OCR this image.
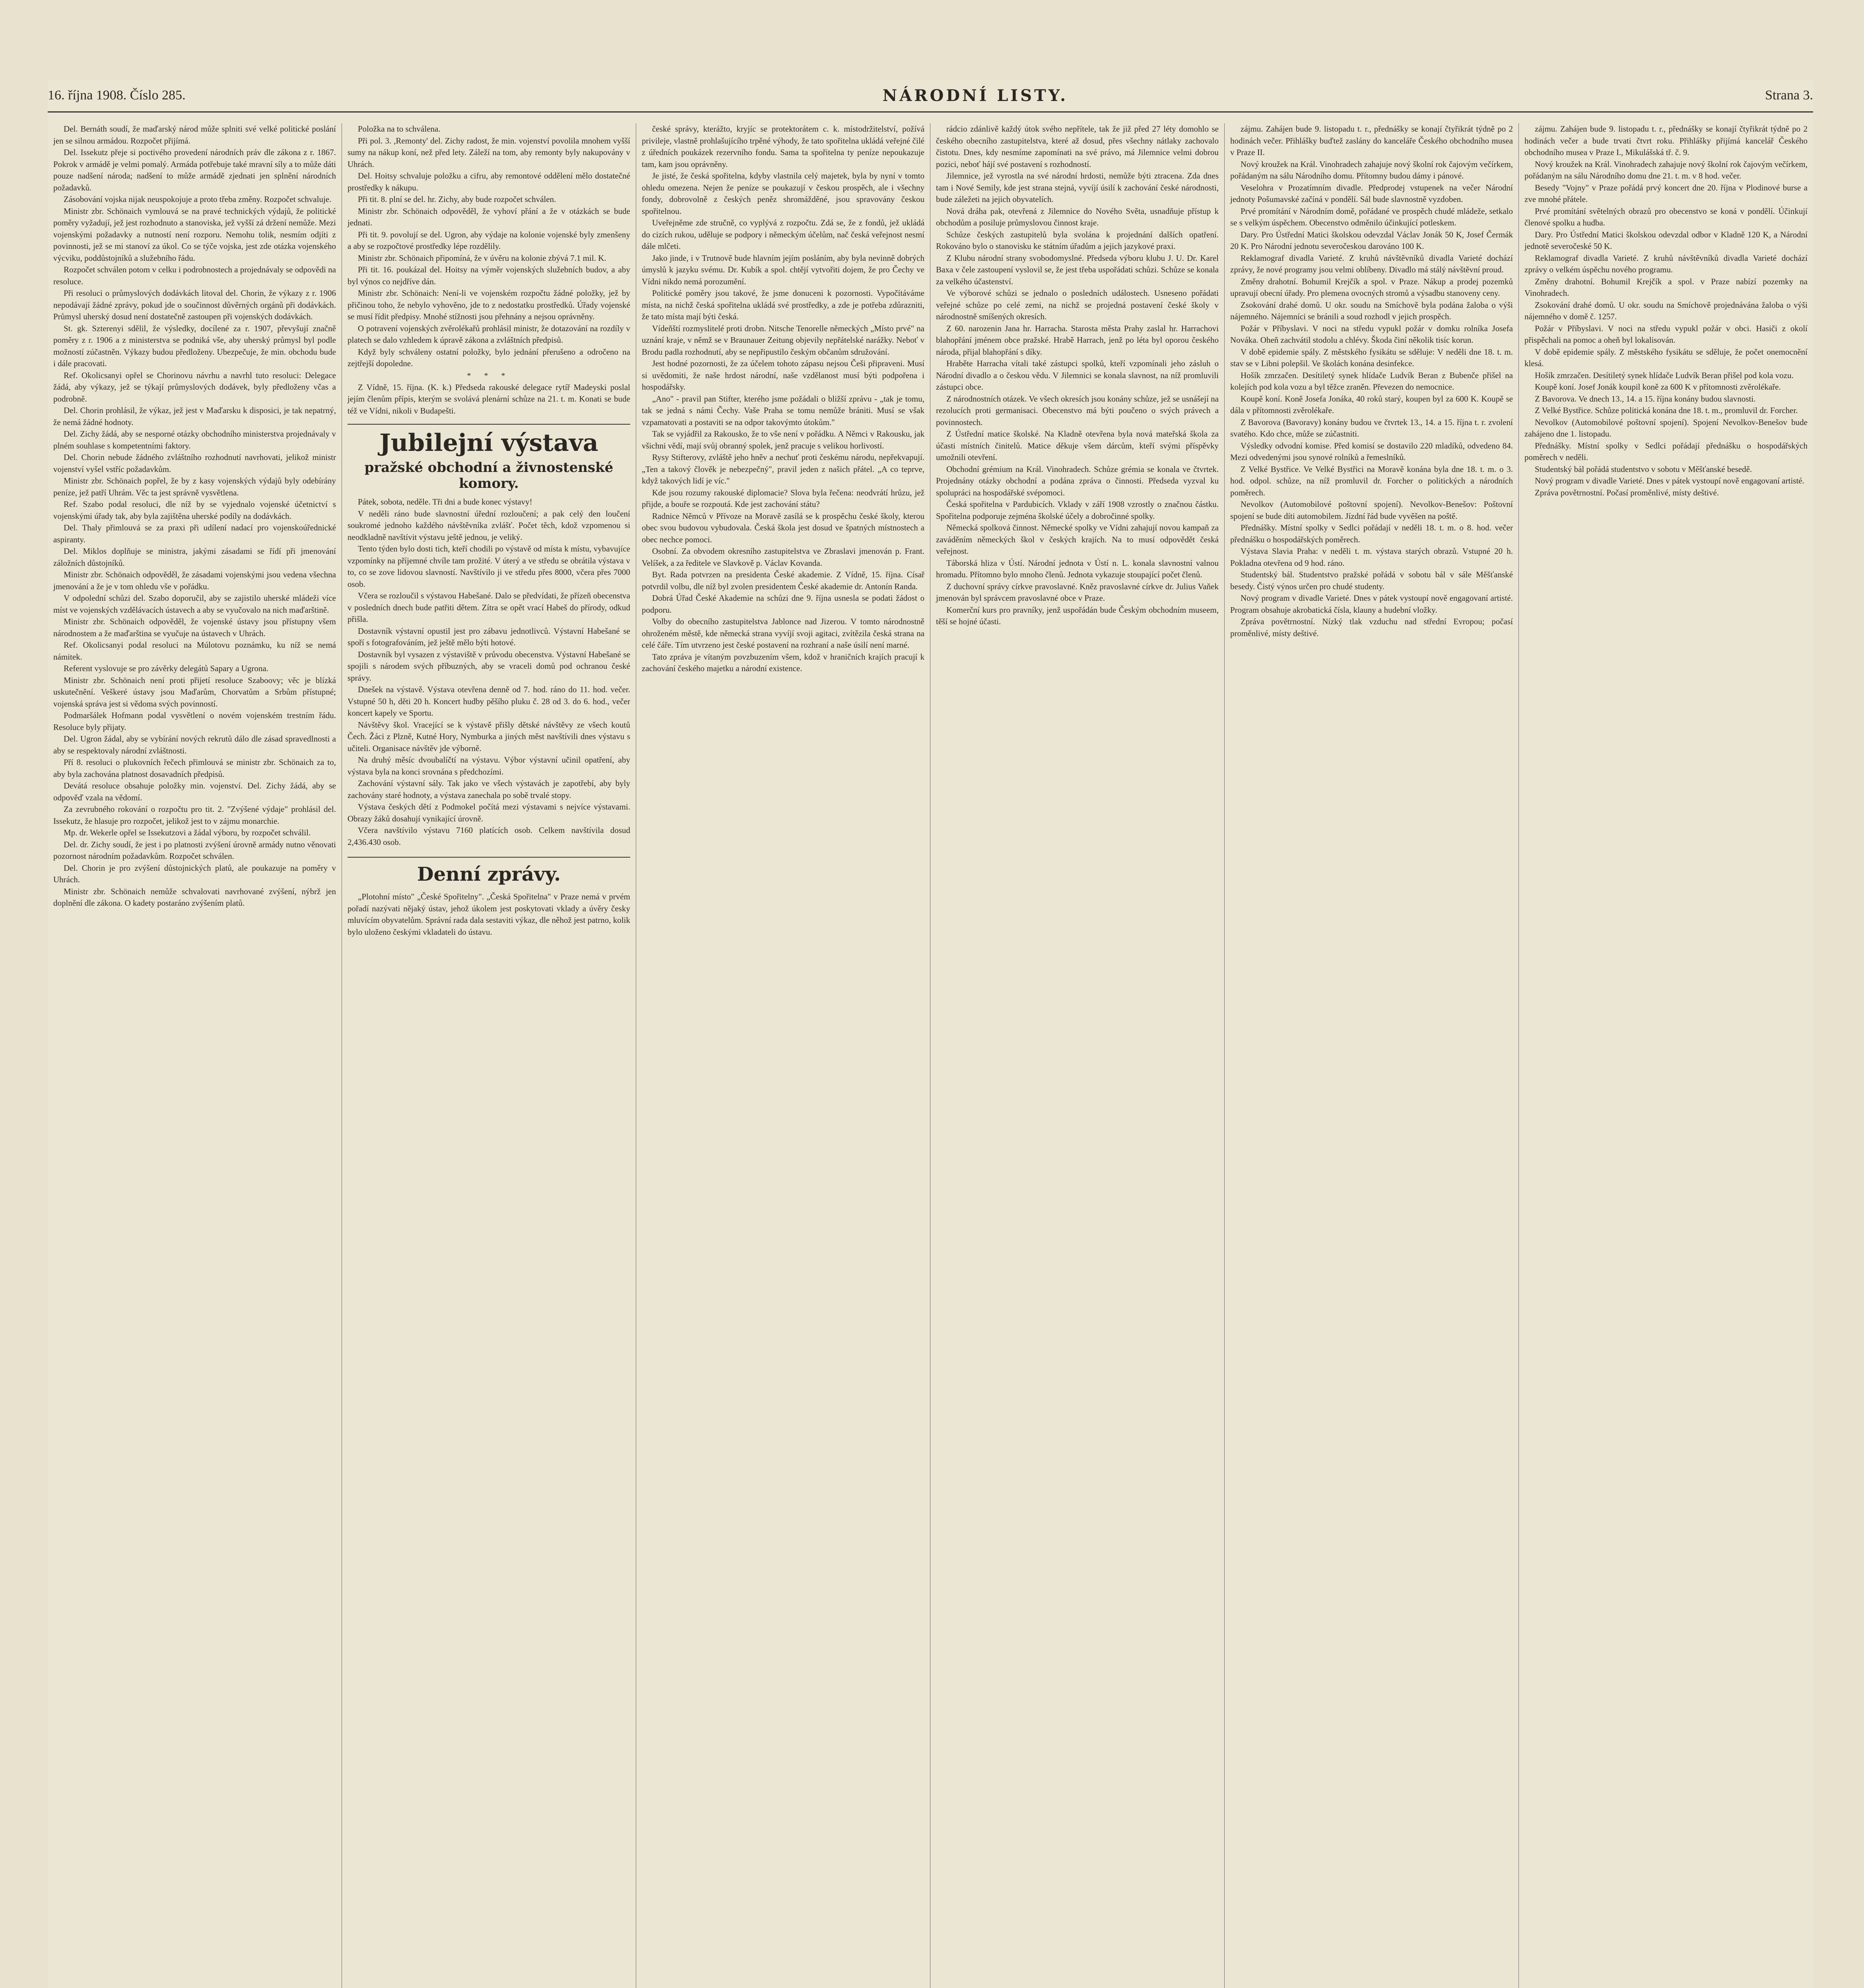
16. října 1908. Číslo 285.	NÁRODNÍ LISTY.	Strana 3.

Del. Bernáth soudí, že maďarský národ může splniti své velké politické poslání jen se silnou armádou. Rozpočet přijímá.

Del. Issekutz přeje si poctivého provedení národních práv dle zákona z r. 1867. Pokrok v armádě je velmi pomalý. Armáda potřebuje také mravní síly a to může dáti pouze nadšení národa; nadšení to může armádě zjednati jen splnění národních požadavků.

Zásobování vojska nijak neuspokojuje a proto třeba změny. Rozpočet schvaluje.

Ministr zbr. Schönaich vymlouvá se na pravé technických výdajů, že politické poměry vyžadují, jež jest rozhodnuto a stanoviska, jež vyšší zá držení nemůže. Mezi vojenskými požadavky a nutností není rozporu. Nemohu tolik, nesmím odjíti z povinnosti, jež se mi stanoví za úkol. Co se týče vojska, jest zde otázka vojenského výcviku, poddůstojníků a služebního řádu.

Rozpočet schválen potom v celku i podrobnostech a projednávaly se odpovědi na resoluce.

Při resoluci o průmyslových dodávkách litoval del. Chorin, že výkazy z r. 1906 nepodávají žádné zprávy, pokud jde o součinnost důvěrných orgánů při dodávkách. Průmysl uherský dosud není dostatečně zastoupen při vojenských dodávkách.

St. gk. Szterenyi sdělil, že výsledky, docílené za r. 1907, převyšují značně poměry z r. 1906 a z ministerstva se podniká vše, aby uherský průmysl byl podle možností zúčastněn. Výkazy budou předloženy. Ubezpečuje, že min. obchodu bude i dále pracovati.

Ref. Okolicsanyi opřel se Chorinovu návrhu a navrhl tuto resoluci: Delegace žádá, aby výkazy, jež se týkají průmyslových dodávek, byly předloženy včas a podrobně.

Del. Chorin prohlásil, že výkaz, jež jest v Maďarsku k disposici, je tak nepatrný, že nemá žádné hodnoty.

Del. Zichy žádá, aby se nesporné otázky obchodního ministerstva projednávaly v plném souhlase s kompetentními faktory.

Del. Chorin nebude žádného zvláštního rozhodnutí navrhovati, jelikož ministr vojenství vyšel vstříc požadavkům.

Ministr zbr. Schönaich popřel, že by z kasy vojenských výdajů byly odebírány peníze, jež patří Uhrám. Věc ta jest správně vysvětlena.

Ref. Szabo podal resoluci, dle níž by se vyjednalo vojenské účetnictví s vojenskými úřady tak, aby byla zajištěna uherské podíly na dodávkách.

Del. Thaly přimlouvá se za praxi při udílení nadací pro vojenskoúřednické aspiranty.

Del. Miklos doplňuje se ministra, jakými zásadami se řídí při jmenování záložních důstojníků.

Ministr zbr. Schönaich odpověděl, že zásadami vojenskými jsou vedena všechna jmenování a že je v tom ohledu vše v pořádku.

V odpolední schůzi del. Szabo doporučil, aby se zajistilo uherské mládeži více míst ve vojenských vzdělávacích ústavech a aby se vyučovalo na nich maďarštině.

Ministr zbr. Schönaich odpověděl, že vojenské ústavy jsou přístupny všem národnostem a že maďarština se vyučuje na ústavech v Uhrách.

Ref. Okolicsanyi podal resoluci na Múlotovu poznámku, ku níž se nemá námitek.

Referent vyslovuje se pro závěrky delegátů Sapary a Ugrona.

Ministr zbr. Schönaich není proti přijetí resoluce Szaboovy; věc je blízká uskutečnění. Veškeré ústavy jsou Maďarům, Chorvatům a Srbům přístupné; vojenská správa jest si vědoma svých povinností.

Podmaršálek Hofmann podal vysvětlení o novém vojenském trestním řádu. Resoluce byly přijaty.

Del. Ugron žádal, aby se vybírání nových rekrutů dálo dle zásad spravedlnosti a aby se respektovaly národní zvláštnosti.

Pří 8. resoluci o plukovních řečech přimlouvá se ministr zbr. Schönaich za to, aby byla zachována platnost dosavadních předpisů.

Devátá resoluce obsahuje položky min. vojenství. Del. Zichy žádá, aby se odpověď vzala na vědomí.

Za zevrubného rokování o rozpočtu pro tit. 2. "Zvýšené výdaje" prohlásil del. Issekutz, že hlasuje pro rozpočet, jelikož jest to v zájmu monarchie.

Mp. dr. Wekerle opřel se Issekutzovi a žádal výboru, by rozpočet schválil.

Del. dr. Zichy soudí, že jest i po platnosti zvýšení úrovně armády nutno věnovati pozornost národním požadavkům. Rozpočet schválen.

Del. Chorin je pro zvýšení důstojnických platů, ale poukazuje na poměry v Uhrách.

Ministr zbr. Schönaich nemůže schvalovati navrhované zvýšení, nýbrž jen doplnění dle zákona. O kadety postaráno zvýšením platů.

Položka na to schválena.

Při pol. 3. ,Remonty' del. Zichy radost, že min. vojenství povolila mnohem vyšší sumy na nákup koní, než před lety. Záleží na tom, aby remonty byly nakupovány v Uhrách.

Del. Hoitsy schvaluje položku a cifru, aby remontové oddělení mělo dostatečné prostředky k nákupu.

Při tit. 8. plní se del. hr. Zichy, aby bude rozpočet schválen.

Ministr zbr. Schönaich odpověděl, že vyhoví přání a že v otázkách se bude jednati.

Při tit. 9. povolují se del. Ugron, aby výdaje na kolonie vojenské byly zmenšeny a aby se rozpočtové prostředky lépe rozdělily.

Ministr zbr. Schönaich připomíná, že v úvěru na kolonie zbývá 7.1 mil. K.

Při tit. 16. poukázal del. Hoitsy na výměr vojenských služebních budov, a aby byl výnos co nejdříve dán.

Ministr zbr. Schönaich: Není-li ve vojenském rozpočtu žádné položky, jež by přičinou toho, že nebylo vyhověno, jde to z nedostatku prostředků. Úřady vojenské se musí řídit předpisy. Mnohé stížnosti jsou přehnány a nejsou oprávněny.

O potravení vojenských zvěrolékařů prohlásil ministr, že dotazování na rozdíly v platech se dalo vzhledem k úpravě zákona a zvláštních předpisů.

Když byly schváleny ostatní položky, bylo jednání přerušeno a odročeno na zejtřejší dopoledne.

* * *

Z Vídně, 15. října. (K. k.) Předseda rakouské delegace rytíř Madeyski poslal jejím členům přípis, kterým se svolává plenární schůze na 21. t. m. Konati se bude též ve Vídni, nikoli v Budapešti.

Jubilejní výstava
pražské obchodní a živnostenské komory.

Pátek, sobota, neděle. Tři dni a bude konec výstavy!

V neděli ráno bude slavnostní úřední rozloučení; a pak celý den loučení soukromé jednoho každého návštěvníka zvlášť. Počet těch, kdož vzpomenou si neodkladně navštívit výstavu ještě jednou, je veliký.

Tento týden bylo dosti tich, kteří chodili po výstavě od místa k místu, vybavujíce vzpomínky na příjemné chvíle tam prožité. V úterý a ve středu se obrátila výstava v to, co se zove lidovou slavností. Navštívilo ji ve středu přes 8000, včera přes 7000 osob.

Včera se rozloučil s výstavou Habešané. Dalo se předvídati, že přízeň obecenstva v posledních dnech bude patřiti dětem. Zítra se opět vrací Habeš do přírody, odkud přišla.

Dostavník výstavní opustil jest pro zábavu jednotlivců. Výstavní Habešané se spoří s fotografováním, jež ještě mělo býti hotové.

Dostavník byl vysazen z výstaviště v průvodu obecenstva. Výstavní Habešané se spojili s národem svých příbuzných, aby se vraceli domů pod ochranou české správy.

Dnešek na výstavě. Výstava otevřena denně od 7. hod. ráno do 11. hod. večer. Vstupné 50 h, děti 20 h. Koncert hudby pěšího pluku č. 28 od 3. do 6. hod., večer koncert kapely ve Sportu.

Návštěvy škol. Vracející se k výstavě přišly dětské návštěvy ze všech koutů Čech. Žáci z Plzně, Kutné Hory, Nymburka a jiných měst navštívili dnes výstavu s učiteli. Organisace návštěv jde výborně.

Na druhý měsíc dvoubalíčtí na výstavu. Výbor výstavní učinil opatření, aby výstava byla na konci srovnána s předchozími.

Zachování výstavní sály. Tak jako ve všech výstavách je zapotřebí, aby byly zachovány staré hodnoty, a výstava zanechala po sobě trvalé stopy.

Výstava českých dětí z Podmokel počítá mezi výstavami s nejvíce výstavami. Obrazy žáků dosahují vynikající úrovně.

Včera navštívilo výstavu 7160 platících osob. Celkem navštívila dosud 2,436.430 osob.

Denní zprávy.

„Plotohní místo" „České Spořitelny". „Česká Spořitelna" v Praze nemá v prvém pořadí nazývati nějaký ústav, jehož úkolem jest poskytovati vklady a úvěry česky mluvícím obyvatelům. Správní rada dala sestaviti výkaz, dle něhož jest patrno, kolik bylo uloženo českými vkladateli do ústavu.

české správy, kterážto, kryjíc se protektorátem c. k. místodržitelství, požívá privileje, vlastně prohlašujícího trpěné výhody, že tato spořitelna ukládá veřejné čilé z úředních poukázek rezervního fondu. Sama ta spořitelna ty peníze nepoukazuje tam, kam jsou oprávněny.

Je jisté, že česká spořitelna, kdyby vlastnila celý majetek, byla by nyní v tomto ohledu omezena. Nejen že peníze se poukazují v českou prospěch, ale i všechny fondy, dobrovolně z českých peněz shromážděné, jsou spravovány českou spořitelnou.

Uveřejněme zde stručně, co vyplývá z rozpočtu. Zdá se, že z fondů, jež ukládá do cizích rukou, uděluje se podpory i německým účelům, nač česká veřejnost nesmí dále mlčeti.

Jako jinde, i v Trutnově bude hlavním jejím posláním, aby byla nevinně dobrých úmyslů k jazyku svému. Dr. Kubík a spol. chtějí vytvořiti dojem, že pro Čechy ve Vídni nikdo nemá porozumění.

Politické poměry jsou takové, že jsme donuceni k pozornosti. Vypočítáváme místa, na nichž česká spořitelna ukládá své prostředky, a zde je potřeba zdůrazniti, že tato místa mají býti česká.

Vídeňští rozmyslitelé proti drobn. Nitsche Tenorelle německých „Místo prvé" na uznání kraje, v němž se v Braunauer Zeitung objevily nepřátelské narážky. Neboť v Brodu padla rozhodnutí, aby se nepřipustilo českým občanům sdružování.

Jest hodné pozornosti, že za účelem tohoto zápasu nejsou Češi připraveni. Musí si uvědomiti, že naše hrdost národní, naše vzdělanost musí býti podpořena i hospodářsky.

„Ano" - pravil pan Stifter, kterého jsme požádali o bližší zprávu - „tak je tomu, tak se jedná s námi Čechy. Vaše Praha se tomu nemůže brániti. Musí se však vzpamatovati a postaviti se na odpor takovýmto útokům."

Tak se vyjádřil za Rakousko, že to vše není v pořádku. A Němci v Rakousku, jak všichni vědí, mají svůj obranný spolek, jenž pracuje s velikou horlivostí.

Rysy Stifterovy, zvláště jeho hněv a nechuť proti českému národu, nepřekvapují. „Ten a takový člověk je nebezpečný", pravil jeden z našich přátel. „A co teprve, když takových lidí je víc."

Kde jsou rozumy rakouské diplomacie? Slova byla řečena: neodvrátí hrůzu, jež přijde, a bouře se rozpoutá. Kde jest zachování státu?

Radnice Němců v Přívoze na Moravě zasílá se k prospěchu české školy, kterou obec svou budovou vybudovala. Česká škola jest dosud ve špatných místnostech a obec nechce pomoci.

Osobní. Za obvodem okresního zastupitelstva ve Zbraslavi jmenován p. Frant. Velíšek, a za ředitele ve Slavkově p. Václav Kovanda.

Byt. Rada potvrzen na presidenta České akademie. Z Vídně, 15. října. Císař potvrdil volbu, dle níž byl zvolen presidentem České akademie dr. Antonín Randa.

Dobrá Úřad České Akademie na schůzi dne 9. října usnesla se podati žádost o podporu.

Volby do obecního zastupitelstva Jablonce nad Jizerou. V tomto národnostně ohroženém městě, kde německá strana vyvíjí svoji agitaci, zvítězila česká strana na celé čáře. Tím utvrzeno jest české postavení na rozhraní a naše úsilí není marné.

Tato zpráva je vítaným povzbuzením všem, kdož v hraničních krajích pracují k zachování českého majetku a národní existence.

rádcio zdánlivě každý útok svého nepřítele, tak že již před 27 léty domohlo se českého obecního zastupitelstva, které až dosud, přes všechny nátlaky zachovalo čistotu. Dnes, kdy nesmíme zapomínati na své právo, má Jilemnice velmi dobrou pozici, neboť hájí své postavení s rozhodností.

Jilemnice, jež vyrostla na své národní hrdosti, nemůže býti ztracena. Zda dnes tam i Nové Semily, kde jest strana stejná, vyvíjí úsilí k zachování české národnosti, bude záležeti na jejich obyvatelích.

Nová dráha pak, otevřená z Jilemnice do Nového Světa, usnadňuje přístup k obchodům a posiluje průmyslovou činnost kraje.

Schůze českých zastupitelů byla svolána k projednání dalších opatření. Rokováno bylo o stanovisku ke státním úřadům a jejich jazykové praxi.

Z Klubu národní strany svobodomyslné. Předseda výboru klubu J. U. Dr. Karel Baxa v čele zastoupení vyslovil se, že jest třeba uspořádati schůzi. Schůze se konala za velkého účastenství.

Ve výborové schůzi se jednalo o posledních událostech. Usneseno pořádati veřejné schůze po celé zemi, na nichž se projedná postavení české školy v národnostně smíšených okresích.

Z 60. narozenin Jana hr. Harracha. Starosta města Prahy zaslal hr. Harrachovi blahopřání jménem obce pražské. Hrabě Harrach, jenž po léta byl oporou českého národa, přijal blahopřání s díky.

Hraběte Harracha vítali také zástupci spolků, kteří vzpomínali jeho zásluh o Národní divadlo a o českou vědu. V Jilemnici se konala slavnost, na níž promluvili zástupci obce.

Z národnostních otázek. Ve všech okresích jsou konány schůze, jež se usnášejí na rezolucích proti germanisaci. Obecenstvo má býti poučeno o svých právech a povinnostech.

Z Ústřední matice školské. Na Kladně otevřena byla nová mateřská škola za účasti místních činitelů. Matice děkuje všem dárcům, kteří svými příspěvky umožnili otevření.

Obchodní grémium na Král. Vinohradech. Schůze grémia se konala ve čtvrtek. Projednány otázky obchodní a podána zpráva o činnosti. Předseda vyzval ku spolupráci na hospodářské svépomoci.

Česká spořitelna v Pardubicích. Vklady v září 1908 vzrostly o značnou částku. Spořitelna podporuje zejména školské účely a dobročinné spolky.

Německá spolková činnost. Německé spolky ve Vídni zahajují novou kampaň za zaváděním německých škol v českých krajích. Na to musí odpovědět česká veřejnost.

Táborská hliza v Ústí. Národní jednota v Ústí n. L. konala slavnostní valnou hromadu. Přítomno bylo mnoho členů. Jednota vykazuje stoupající počet členů.

Z duchovní správy církve pravoslavné. Kněz pravoslavné církve dr. Julius Vaňek jmenován byl správcem pravoslavné obce v Praze.

Komerční kurs pro pravníky, jenž uspořádán bude Českým obchodním museem, těší se hojné účasti.

zájmu. Zahájen bude 9. listopadu t. r., přednášky se konají čtyřikrát týdně po 2 hodinách večer. Přihlášky buďtež zaslány do kanceláře Českého obchodního musea v Praze II.

Nový kroužek na Král. Vinohradech zahajuje nový školní rok čajovým večírkem, pořádaným na sálu Národního domu. Přítomny budou dámy i pánové.

Veselohra v Prozatímním divadle. Předprodej vstupenek na večer Národní jednoty Pošumavské začíná v pondělí. Sál bude slavnostně vyzdoben.

Prvé promítání v Národním domě, pořádané ve prospěch chudé mládeže, setkalo se s velkým úspěchem. Obecenstvo odměnilo účinkující potleskem.

Dary. Pro Ústřední Matici školskou odevzdal Václav Jonák 50 K, Josef Čermák 20 K. Pro Národní jednotu severočeskou darováno 100 K.

Reklamograf divadla Varieté. Z kruhů návštěvníků divadla Varieté dochází zprávy, že nové programy jsou velmi oblíbeny. Divadlo má stálý návštěvní proud.

Změny drahotní. Bohumil Krejčík a spol. v Praze. Nákup a prodej pozemků upravují obecní úřady. Pro plemena ovocných stromů a výsadbu stanoveny ceny.

Zsokování drahé domů. U okr. soudu na Smíchově byla podána žaloba o výši nájemného. Nájemníci se bránili a soud rozhodl v jejich prospěch.

Požár v Příbyslavi. V noci na středu vypukl požár v domku rolníka Josefa Nováka. Oheň zachvátil stodolu a chlévy. Škoda činí několik tisíc korun.

V době epidemie spály. Z městského fysikátu se sděluje: V neděli dne 18. t. m. stav se v Libni polepšil. Ve školách konána desinfekce.

Hošík zmrzačen. Desítiletý synek hlídače Ludvík Beran z Bubenče přišel na kolejích pod kola vozu a byl těžce zraněn. Převezen do nemocnice.

Koupě koní. Koně Josefa Jonáka, 40 roků starý, koupen byl za 600 K. Koupě se dála v přítomnosti zvěrolékaře.

Z Bavorova (Bavoravy) konány budou ve čtvrtek 13., 14. a 15. října t. r. zvolení svatého. Kdo chce, může se zúčastniti.

Výsledky odvodní komise. Před komisí se dostavilo 220 mladíků, odvedeno 84. Mezi odvedenými jsou synové rolníků a řemeslníků.

Z Velké Bystřice. Ve Velké Bystřici na Moravě konána byla dne 18. t. m. o 3. hod. odpol. schůze, na níž promluvil dr. Forcher o politických a národních poměrech.

Nevolkov (Automobilové poštovní spojení). Nevolkov-Benešov: Poštovní spojení se bude díti automobilem. Jízdní řád bude vyvěšen na poště.

Přednášky. Místní spolky v Sedlci pořádají v neděli 18. t. m. o 8. hod. večer přednášku o hospodářských poměrech.

Výstava Slavia Praha: v neděli t. m. výstava starých obrazů. Vstupné 20 h. Pokladna otevřena od 9 hod. ráno.

Studentský bál. Studentstvo pražské pořádá v sobotu bál v sále Měšťanské besedy. Čistý výnos určen pro chudé studenty.

Nový program v divadle Varieté. Dnes v pátek vystoupí nově engagovaní artisté. Program obsahuje akrobatická čísla, klauny a hudební vložky.

Zpráva povětrnostní. Nízký tlak vzduchu nad střední Evropou; počasí proměnlivé, místy deštivé.

zájmu. Zahájen bude 9. listopadu t. r., přednášky se konají čtyřikrát týdně po 2 hodinách večer a bude trvati čtvrt roku. Přihlášky přijímá kancelář Českého obchodního musea v Praze I., Mikulášská tř. č. 9.

Nový kroužek na Král. Vinohradech zahajuje nový školní rok čajovým večírkem, pořádaným na sálu Národního domu dne 21. t. m. v 8 hod. večer.

Besedy "Vojny" v Praze pořádá prvý koncert dne 20. října v Plodinové burse a zve mnohé přátele.

Prvé promítání světelných obrazů pro obecenstvo se koná v pondělí. Účinkují členové spolku a hudba.

Dary. Pro Ústřední Matici školskou odevzdal odbor v Kladně 120 K, a Národní jednotě severočeské 50 K.

Reklamograf divadla Varieté. Z kruhů návštěvníků divadla Varieté dochází zprávy o velkém úspěchu nového programu.

Změny drahotní. Bohumil Krejčík a spol. v Praze nabízí pozemky na Vinohradech.

Zsokování drahé domů. U okr. soudu na Smíchově projednávána žaloba o výši nájemného v domě č. 1257.

Požár v Příbyslavi. V noci na středu vypukl požár v obci. Hasiči z okolí přispěchali na pomoc a oheň byl lokalisován.

V době epidemie spály. Z městského fysikátu se sděluje, že počet onemocnění klesá.

Hošík zmrzačen. Desítiletý synek hlídače Ludvík Beran přišel pod kola vozu.

Koupě koní. Josef Jonák koupil koně za 600 K v přítomnosti zvěrolékaře.

Z Bavorova. Ve dnech 13., 14. a 15. října konány budou slavnosti.

Z Velké Bystřice. Schůze politická konána dne 18. t. m., promluvil dr. Forcher.

Nevolkov (Automobilové poštovní spojení). Spojení Nevolkov-Benešov bude zahájeno dne 1. listopadu.

Přednášky. Místní spolky v Sedlci pořádají přednášku o hospodářských poměrech v neděli.

Studentský bál pořádá studentstvo v sobotu v Měšťanské besedě.

Nový program v divadle Varieté. Dnes v pátek vystoupí nově engagovaní artisté.

Zpráva povětrnostní. Počasí proměnlivé, místy deštivé.
